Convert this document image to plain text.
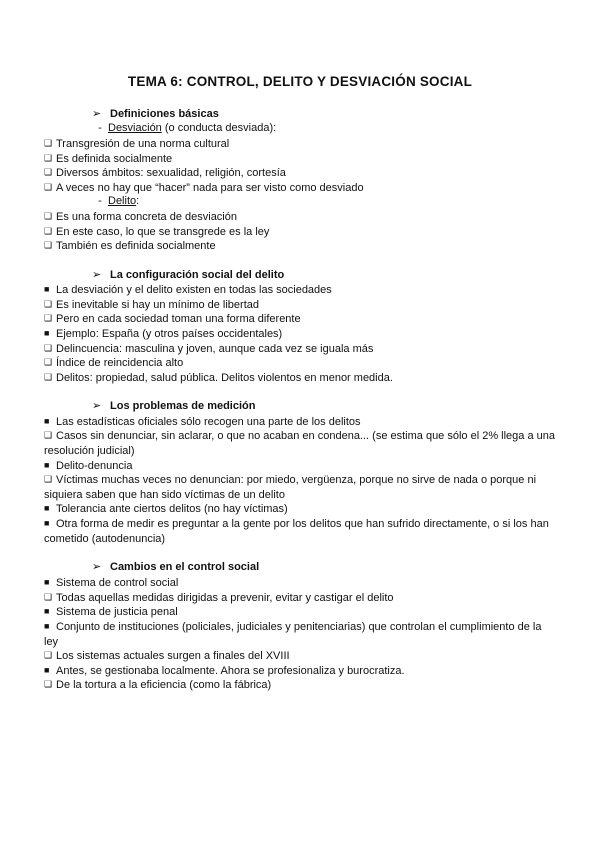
TEMA 6: CONTROL, DELITO Y DESVIACIÓN SOCIAL
➢ Definiciones básicas
- Desviación (o conducta desviada):
❑ Transgresión de una norma cultural
❑ Es definida socialmente
❑ Diversos ámbitos: sexualidad, religión, cortesía
❑ A veces no hay que “hacer” nada para ser visto como desviado
- Delito:
❑ Es una forma concreta de desviación
❑ En este caso, lo que se transgrede es la ley
❑ También es definida socialmente
➢ La configuración social del delito
■ La desviación y el delito existen en todas las sociedades
❑ Es inevitable si hay un mínimo de libertad
❑ Pero en cada sociedad toman una forma diferente
■ Ejemplo: España (y otros países occidentales)
❑ Delincuencia: masculina y joven, aunque cada vez se iguala más
❑ Índice de reincidencia alto
❑ Delitos: propiedad, salud pública. Delitos violentos en menor medida.
➢ Los problemas de medición
■ Las estadísticas oficiales sólo recogen una parte de los delitos
❑ Casos sin denunciar, sin aclarar, o que no acaban en condena... (se estima que sólo el 2% llega a una resolución judicial)
■ Delito-denuncia
❑ Víctimas muchas veces no denuncian: por miedo, vergüenza, porque no sirve de nada o porque ni siquiera saben que han sido víctimas de un delito
■ Tolerancia ante ciertos delitos (no hay víctimas)
■ Otra forma de medir es preguntar a la gente por los delitos que han sufrido directamente, o si los han cometido (autodenuncia)
➢ Cambios en el control social
■ Sistema de control social
❑ Todas aquellas medidas dirigidas a prevenir, evitar y castigar el delito
■ Sistema de justicia penal
■ Conjunto de instituciones (policiales, judiciales y penitenciarias) que controlan el cumplimiento de la ley
❑ Los sistemas actuales surgen a finales del XVIII
■ Antes, se gestionaba localmente. Ahora se profesionaliza y burocratiza.
❑ De la tortura a la eficiencia (como la fábrica)
